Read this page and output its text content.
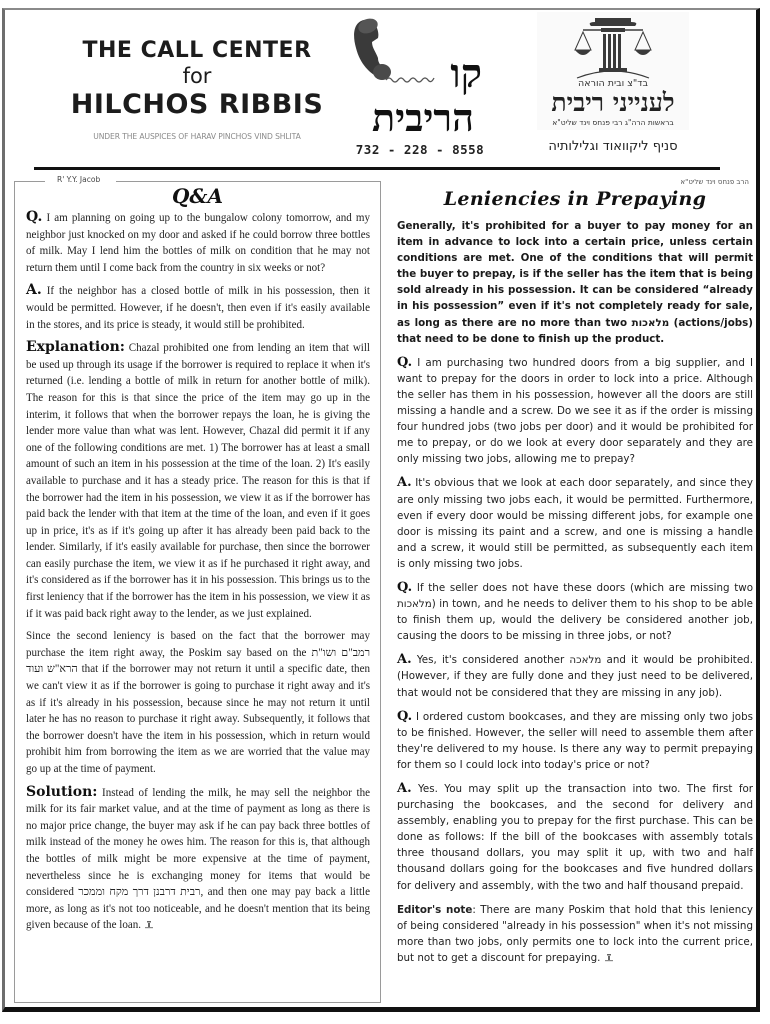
THE CALL CENTER
for
HILCHOS RIBBIS
UNDER THE AUSPICES OF HARAV PINCHOS VIND SHLITA
קו
הריבית
732 - 228 - 8558
בד"צ ובית הוראה
לענייני ריבית
בראשות הרה"ג רבי פנחס וינד שליט"א
סניף ליקוואוד וגלילותיה
R' Y.Y. Jacob
Q&A

Q. I am planning on going up to the bungalow colony tomorrow, and my neighbor just knocked on my door and asked if he could borrow three bottles of milk. May I lend him the bottles of milk on condition that he may not return them until I come back from the country in six weeks or not?

A. If the neighbor has a closed bottle of milk in his possession, then it would be permitted. However, if he doesn't, then even if it's easily available in the stores, and its price is steady, it would still be prohibited.

Explanation: Chazal prohibited one from lending an item that will be used up through its usage if the borrower is required to replace it when it's returned (i.e. lending a bottle of milk in return for another bottle of milk). The reason for this is that since the price of the item may go up in the interim, it follows that when the borrower repays the loan, he is giving the lender more value than what was lent. However, Chazal did permit it if any one of the following conditions are met. 1) The borrower has at least a small amount of such an item in his possession at the time of the loan. 2) It's easily available to purchase and it has a steady price. The reason for this is that if the borrower had the item in his possession, we view it as if the borrower has paid back the lender with that item at the time of the loan, and even if it goes up in price, it's as if it's going up after it has already been paid back to the lender. Similarly, if it's easily available for purchase, then since the borrower can easily purchase the item, we view it as if he purchased it right away, and it's considered as if the borrower has it in his possession. This brings us to the first leniency that if the borrower has the item in his possession, we view it as if it was paid back right away to the lender, as we just explained.

Since the second leniency is based on the fact that the borrower may purchase the item right away, the Poskim say based on the רמב"ם ושו"ת הרא"ש ועוד that if the borrower may not return it until a specific date, then we can't view it as if the borrower is going to purchase it right away and it's as if it's already in his possession, because since he may not return it until later he has no reason to purchase it right away. Subsequently, it follows that the borrower doesn't have the item in his possession, which in return would prohibit him from borrowing the item as we are worried that the value may go up at the time of payment.

Solution: Instead of lending the milk, he may sell the neighbor the milk for its fair market value, and at the time of payment as long as there is no major price change, the buyer may ask if he can pay back three bottles of milk instead of the money he owes him. The reason for this is, that although the bottles of milk might be more expensive at the time of payment, nevertheless since he is exchanging money for items that would be considered רבית דרבנן דרך מקח וממכר, and then one may pay back a little more, as long as it's not too noticeable, and he doesn't mention that its being given because of the loan.

הרב פנחס וינד שליט"א
Leniencies in Prepaying

Generally, it's prohibited for a buyer to pay money for an item in advance to lock into a certain price, unless certain conditions are met. One of the conditions that will permit the buyer to prepay, is if the seller has the item that is being sold already in his possession. It can be considered “already in his possession” even if it's not completely ready for sale, as long as there are no more than two מלאכות (actions/jobs) that need to be done to finish up the product.

Q. I am purchasing two hundred doors from a big supplier, and I want to prepay for the doors in order to lock into a price. Although the seller has them in his possession, however all the doors are still missing a handle and a screw. Do we see it as if the order is missing four hundred jobs (two jobs per door) and it would be prohibited for me to prepay, or do we look at every door separately and they are only missing two jobs, allowing me to prepay?

A. It's obvious that we look at each door separately, and since they are only missing two jobs each, it would be permitted. Furthermore, even if every door would be missing different jobs, for example one door is missing its paint and a screw, and one is missing a handle and a screw, it would still be permitted, as subsequently each item is only missing two jobs.

Q. If the seller does not have these doors (which are missing two מלאכות) in town, and he needs to deliver them to his shop to be able to finish them up, would the delivery be considered another job, causing the doors to be missing in three jobs, or not?

A. Yes, it's considered another מלאכה and it would be prohibited. (However, if they are fully done and they just need to be delivered, that would not be considered that they are missing in any job).

Q. I ordered custom bookcases, and they are missing only two jobs to be finished. However, the seller will need to assemble them after they're delivered to my house. Is there any way to permit prepaying for them so I could lock into today's price or not?

A. Yes. You may split up the transaction into two. The first for purchasing the bookcases, and the second for delivery and assembly, enabling you to prepay for the first purchase. This can be done as follows: If the bill of the bookcases with assembly totals three thousand dollars, you may split it up, with two and half thousand dollars going for the bookcases and five hundred dollars for delivery and assembly, with the two and half thousand prepaid.

Editor's note: There are many Poskim that hold that this leniency of being considered "already in his possession" when it's not missing more than two jobs, only permits one to lock into the current price, but not to get a discount for prepaying.
